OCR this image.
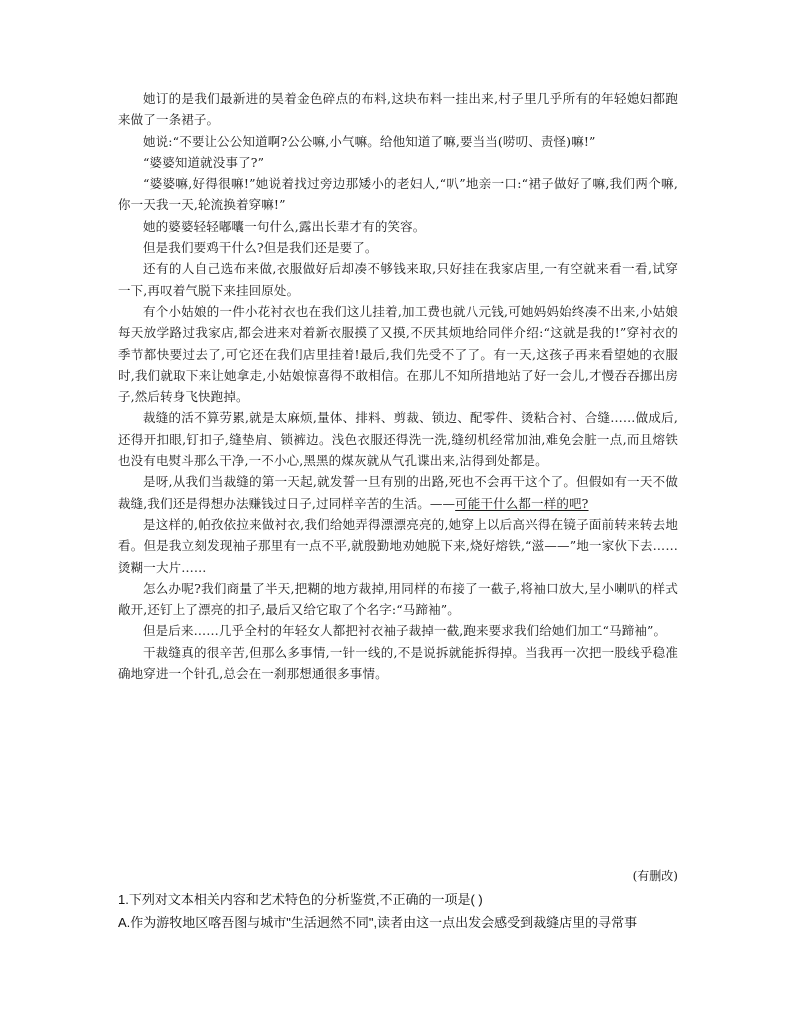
她订的是我们最新进的昊着金色碎点的布料,这块布料一挂出来,村子里几乎所有的年轻媳妇都跑来做了一条裙子。

她说:“不要让公公知道啊?公公嘛,小气嘛。给他知道了嘛,要当当(唠叨、责怪)嘛!”

“婆婆知道就没事了?”

“婆婆嘛,好得很嘛!”她说着找过旁边那矮小的老妇人,“叭”地亲一口:“裙子做好了嘛,我们两个嘛,你一天我一天,轮流换着穿嘛!”

她的婆婆轻轻嘟囔一句什么,露出长辈才有的笑容。

但是我们要鸡干什么?但是我们还是要了。

还有的人自己选布来做,衣服做好后却凑不够钱来取,只好挂在我家店里,一有空就来看一看,试穿一下,再叹着气脱下来挂回原处。

有个小姑娘的一件小花衬衣也在我们这儿挂着,加工费也就八元钱,可她妈妈始终凑不出来,小姑娘每天放学路过我家店,都会进来对着新衣服摸了又摸,不厌其烦地给同伴介绍:“这就是我的!”穿衬衣的季节都快要过去了,可它还在我们店里挂着!最后,我们先受不了了。有一天,这孩子再来看望她的衣服时,我们就取下来让她拿走,小姑娘惊喜得不敢相信。在那儿不知所措地站了好一会儿,才慢吞吞挪出房子,然后转身飞快跑掉。

裁缝的活不算劳累,就是太麻烦,量体、排料、剪裁、锁边、配零件、烫粘合衬、合缝……做成后,还得开扣眼,钉扣子,缝垫肩、锁裤边。浅色衣服还得洗一洗,缝纫机经常加油,难免会脏一点,而且熔铁也没有电熨斗那么干净,一不小心,黑黑的煤灰就从气孔谍出来,沾得到处都是。

是呀,从我们当裁缝的第一天起,就发誓一旦有别的出路,死也不会再干这个了。但假如有一天不做裁缝,我们还是得想办法赚钱过日子,过同样辛苦的生活。——可能干什么都一样的吧?

是这样的,帕孜依拉来做衬衣,我们给她弄得漂漂亮亮的,她穿上以后高兴得在镜子面前转来转去地看。但是我立刻发现袖子那里有一点不平,就殷勤地劝她脱下来,烧好熔铁,“滋——”地一家伙下去……烫糊一大片……

怎么办呢?我们商量了半天,把糊的地方裁掉,用同样的布接了一截子,将袖口放大,呈小喇叭的样式敞开,还钉上了漂亮的扣子,最后又给它取了个名字:“马蹄袖”。

但是后来……几乎全村的年轻女人都把衬衣袖子裁掉一截,跑来要求我们给她们加工“马蹄袖”。

干裁缝真的很辛苦,但那么多事情,一针一线的,不是说拆就能拆得掉。当我再一次把一股线乎稳准确地穿进一个针孔,总会在一刹那想通很多事情。

(有删改)

1.下列对文本相关内容和艺术特色的分析鉴赏,不正确的一项是( )

A.作为游牧地区喀吾图与城市"生活迥然不同",读者由这一点出发会感受到裁缝店里的寻常事
